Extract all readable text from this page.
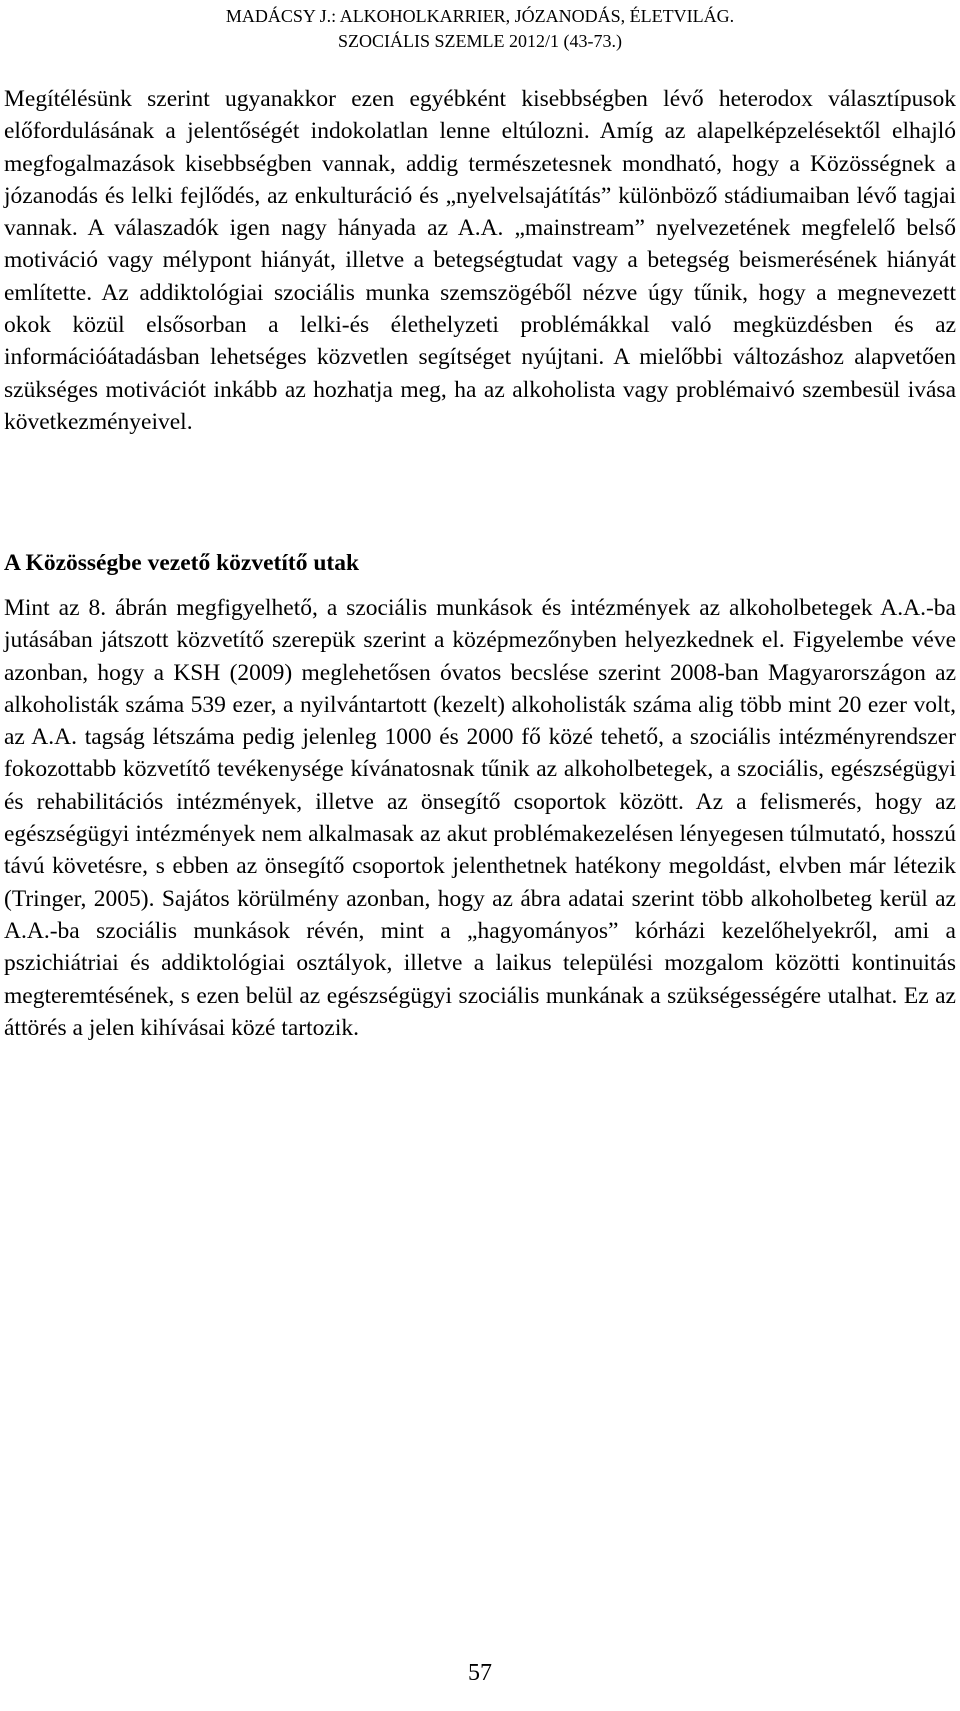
MADÁCSY J.: ALKOHOLKARRIER, JÓZANODÁS, ÉLETVILÁG.
SZOCIÁLIS SZEMLE 2012/1 (43-73.)

Megítélésünk szerint ugyanakkor ezen egyébként kisebbségben lévő heterodox választípusok előfordulásának a jelentőségét indokolatlan lenne eltúlozni. Amíg az alapelképzelésektől elhajló megfogalmazások kisebbségben vannak, addig természetesnek mondható, hogy a Közösségnek a józanodás és lelki fejlődés, az enkulturáció és „nyelvelsajátítás” különböző stádiumaiban lévő tagjai vannak. A válaszadók igen nagy hányada az A.A. „mainstream” nyelvezetének megfelelő belső motiváció vagy mélypont hiányát, illetve a betegségtudat vagy a betegség beismerésének hiányát említette. Az addiktológiai szociális munka szemszögéből nézve úgy tűnik, hogy a megnevezett okok közül elsősorban a lelki-és élethelyzeti problémákkal való megküzdésben és az információátadásban lehetséges közvetlen segítséget nyújtani. A mielőbbi változáshoz alapvetően szükséges motivációt inkább az hozhatja meg, ha az alkoholista vagy problémaivó szembesül ivása következményeivel.

A Közösségbe vezető közvetítő utak

Mint az 8. ábrán megfigyelhető, a szociális munkások és intézmények az alkoholbetegek A.A.-ba jutásában játszott közvetítő szerepük szerint a középmezőnyben helyezkednek el. Figyelembe véve azonban, hogy a KSH (2009) meglehetősen óvatos becslése szerint 2008-ban Magyarországon az alkoholisták száma 539 ezer, a nyilvántartott (kezelt) alkoholisták száma alig több mint 20 ezer volt, az A.A. tagság létszáma pedig jelenleg 1000 és 2000 fő közé tehető, a szociális intézményrendszer fokozottabb közvetítő tevékenysége kívánatosnak tűnik az alkoholbetegek, a szociális, egészségügyi és rehabilitációs intézmények, illetve az önsegítő csoportok között. Az a felismerés, hogy az egészségügyi intézmények nem alkalmasak az akut problémakezelésen lényegesen túlmutató, hosszú távú követésre, s ebben az önsegítő csoportok jelenthetnek hatékony megoldást, elvben már létezik (Tringer, 2005). Sajátos körülmény azonban, hogy az ábra adatai szerint több alkoholbeteg kerül az A.A.-ba szociális munkások révén, mint a „hagyományos” kórházi kezelőhelyekről, ami a pszichiátriai és addiktológiai osztályok, illetve a laikus települési mozgalom közötti kontinuitás megteremtésének, s ezen belül az egészségügyi szociális munkának a szükségességére utalhat. Ez az áttörés a jelen kihívásai közé tartozik.

57
